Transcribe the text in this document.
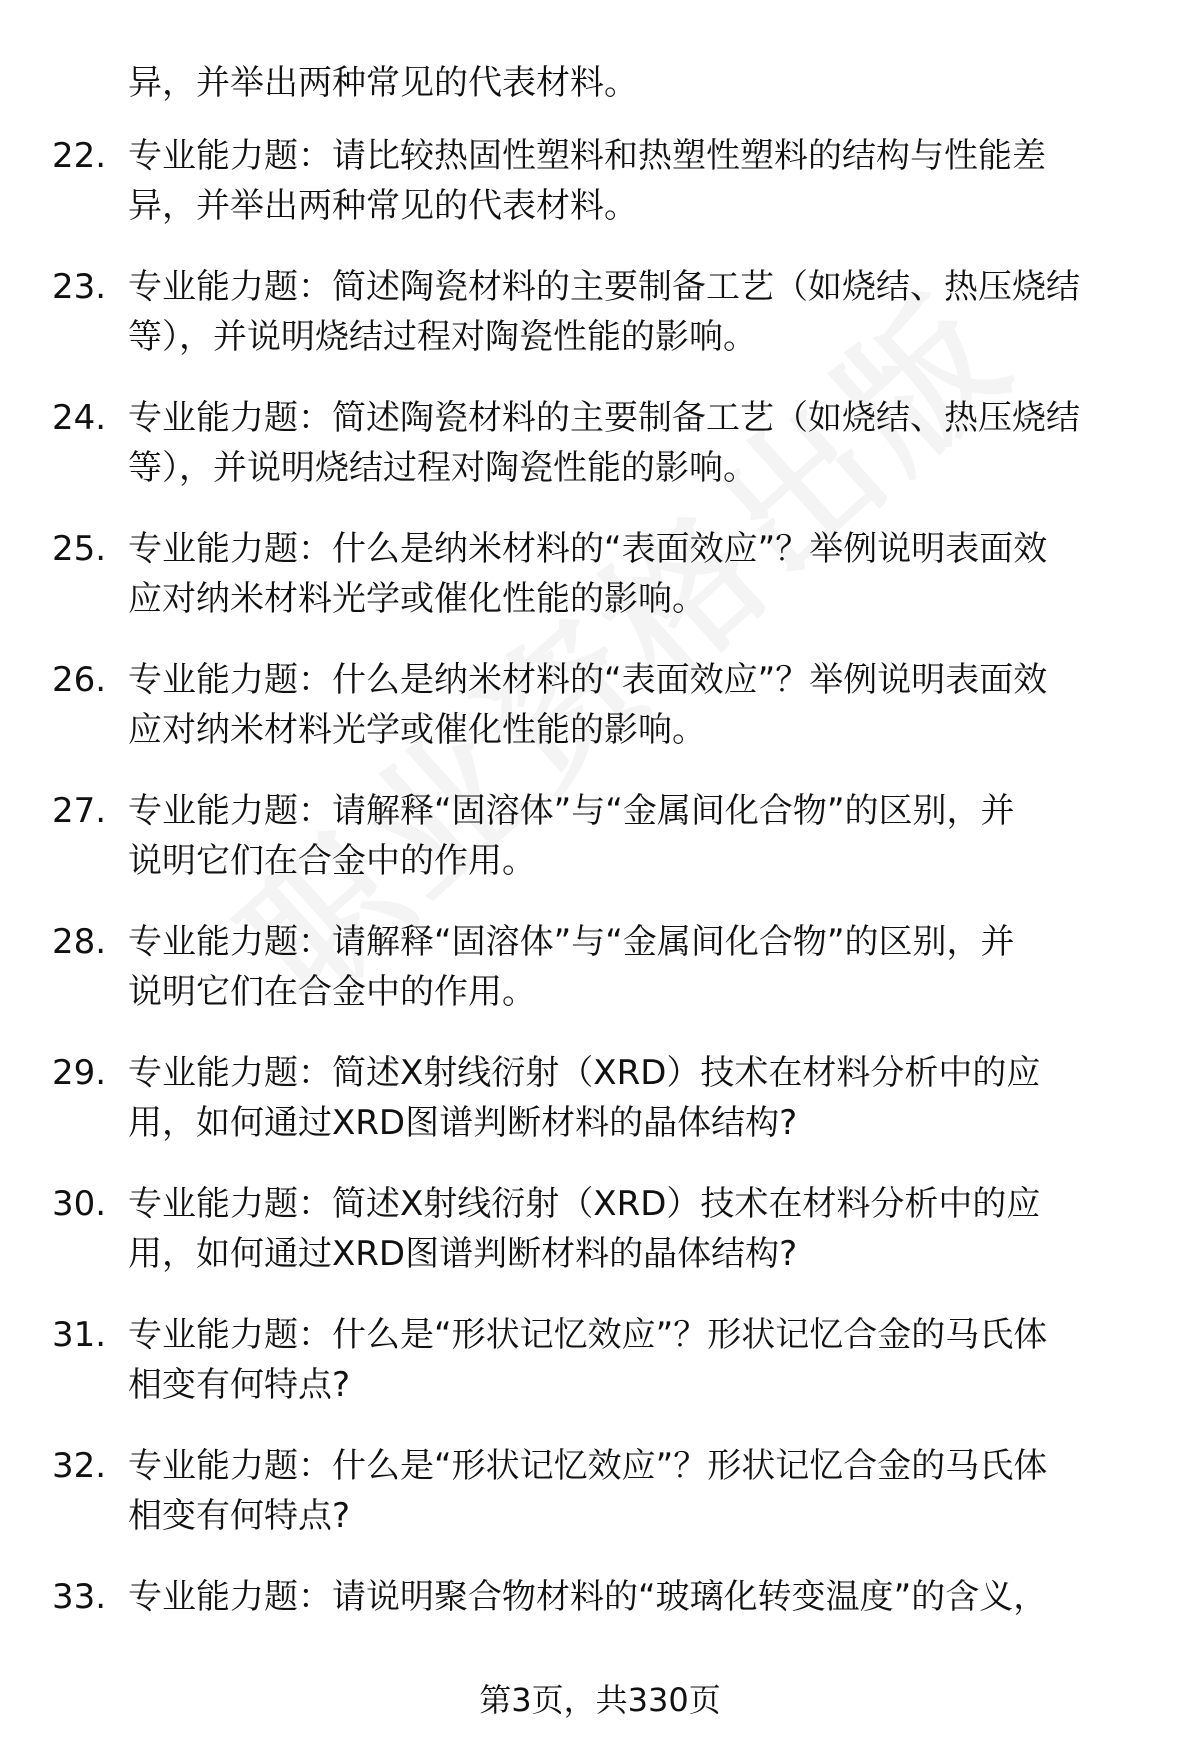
异，并举出两种常见的代表材料。
22. 专业能力题：请比较热固性塑料和热塑性塑料的结构与性能差
异，并举出两种常见的代表材料。
23. 专业能力题：简述陶瓷材料的主要制备工艺（如烧结、热压烧结
等），并说明烧结过程对陶瓷性能的影响。
24. 专业能力题：简述陶瓷材料的主要制备工艺（如烧结、热压烧结
等），并说明烧结过程对陶瓷性能的影响。
25. 专业能力题：什么是纳米材料的“表面效应”？举例说明表面效
应对纳米材料光学或催化性能的影响。
26. 专业能力题：什么是纳米材料的“表面效应”？举例说明表面效
应对纳米材料光学或催化性能的影响。
27. 专业能力题：请解释“固溶体”与“金属间化合物”的区别，并
说明它们在合金中的作用。
28. 专业能力题：请解释“固溶体”与“金属间化合物”的区别，并
说明它们在合金中的作用。
29. 专业能力题：简述X射线衍射（XRD）技术在材料分析中的应
用，如何通过XRD图谱判断材料的晶体结构?
30. 专业能力题：简述X射线衍射（XRD）技术在材料分析中的应
用，如何通过XRD图谱判断材料的晶体结构?
31. 专业能力题：什么是“形状记忆效应”？形状记忆合金的马氏体
相变有何特点?
32. 专业能力题：什么是“形状记忆效应”？形状记忆合金的马氏体
相变有何特点?
33. 专业能力题：请说明聚合物材料的“玻璃化转变温度”的含义，
第3页，共330页
